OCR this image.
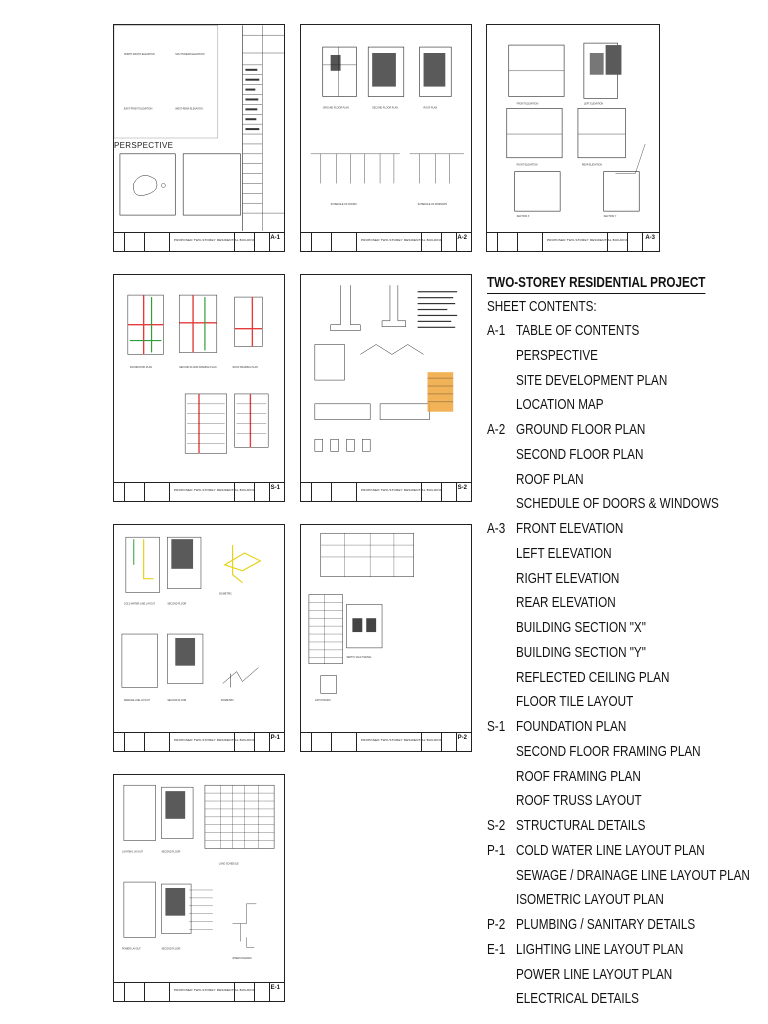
NORTH-FRONT ELEVATION	SOUTH-REAR ELEVATION
EAST-FRONT ELEVATION	WEST-REAR ELEVATION
PERSPECTIVE
PROPOSED TWO-STOREY RESIDENTIAL BUILDING A-1
GROUND FLOOR PLAN	SECOND FLOOR PLAN	ROOF PLAN
SCHEDULE OF DOORS	SCHEDULE OF WINDOWS
PROPOSED TWO-STOREY RESIDENTIAL BUILDING A-2
FRONT ELEVATION	LEFT ELEVATION
RIGHT ELEVATION	REAR ELEVATION
SECTION X	SECTION Y
PROPOSED TWO-STOREY RESIDENTIAL BUILDING	A-3
FOUNDATION PLAN	SECOND FLOOR FRAMING PLAN	ROOF FRAMING PLAN
PROPOSED TWO-STOREY RESIDENTIAL BUILDING	S-1	PROPOSED TWO-STOREY RESIDENTIAL BUILDING	S-2
COLD WATER LINE LAYOUT	SECOND FLOOR
ISOMETRIC
SEWAGE LINE LAYOUT	SECOND FLOOR	ISOMETRIC
PROPOSED TWO-STOREY RESIDENTIAL BUILDING	P-1
SEPTIC VAULT DETAIL
CATCH BASIN
PROPOSED TWO-STOREY RESIDENTIAL BUILDING	P-2
LIGHTING LAYOUT	SECOND FLOOR
POWER LAYOUT	SECOND FLOOR
LOAD SCHEDULE
RISER DIAGRAM
PROPOSED TWO-STOREY RESIDENTIAL BUILDING	E-1
TWO-STOREY RESIDENTIAL PROJECT
SHEET CONTENTS:
A-1 TABLE OF CONTENTS
PERSPECTIVE
SITE DEVELOPMENT PLAN
LOCATION MAP
A-2 GROUND FLOOR PLAN
SECOND FLOOR PLAN
ROOF PLAN
SCHEDULE OF DOORS & WINDOWS
A-3 FRONT ELEVATION
LEFT ELEVATION
RIGHT ELEVATION
REAR ELEVATION
BUILDING SECTION "X"
BUILDING SECTION "Y"
REFLECTED CEILING PLAN
FLOOR TILE LAYOUT
S-1 FOUNDATION PLAN
SECOND FLOOR FRAMING PLAN
ROOF FRAMING PLAN
ROOF TRUSS LAYOUT
S-2 STRUCTURAL DETAILS
P-1 COLD WATER LINE LAYOUT PLAN
SEWAGE / DRAINAGE LINE LAYOUT PLAN
ISOMETRIC LAYOUT PLAN
P-2 PLUMBING / SANITARY DETAILS
E-1 LIGHTING LINE LAYOUT PLAN
POWER LINE LAYOUT PLAN
ELECTRICAL DETAILS
